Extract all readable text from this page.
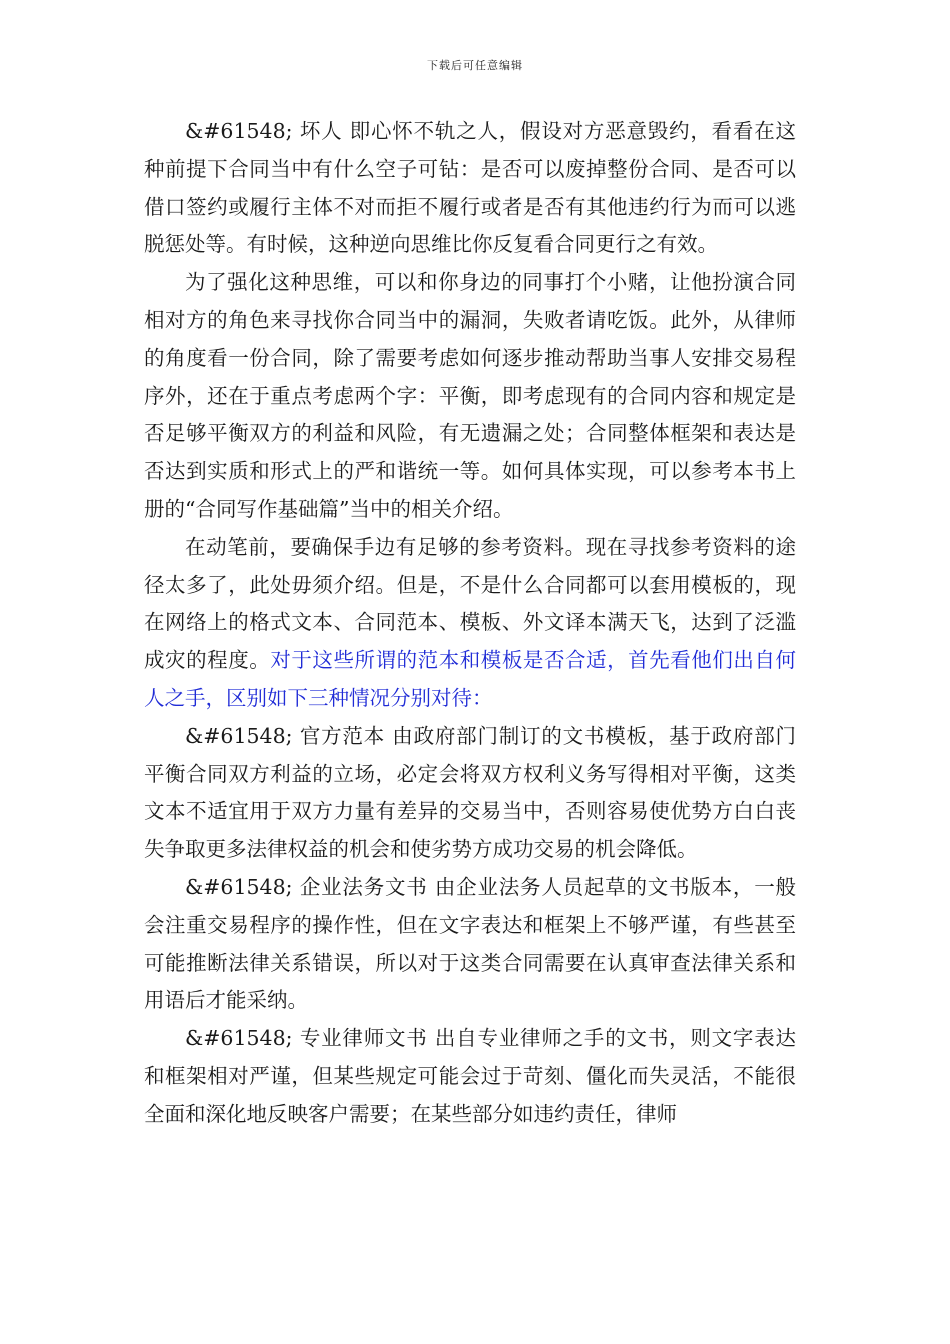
下载后可任意编辑

&#61548; 坏人 即心怀不轨之人，假设对方恶意毁约，看看在这种前提下合同当中有什么空子可钻：是否可以废掉整份合同、是否可以借口签约或履行主体不对而拒不履行或者是否有其他违约行为而可以逃脱惩处等。有时候，这种逆向思维比你反复看合同更行之有效。

为了强化这种思维，可以和你身边的同事打个小赌，让他扮演合同相对方的角色来寻找你合同当中的漏洞，失败者请吃饭。此外，从律师的角度看一份合同，除了需要考虑如何逐步推动帮助当事人安排交易程序外，还在于重点考虑两个字：平衡，即考虑现有的合同内容和规定是否足够平衡双方的利益和风险，有无遗漏之处；合同整体框架和表达是否达到实质和形式上的严和谐统一等。如何具体实现，可以参考本书上册的“合同写作基础篇”当中的相关介绍。

在动笔前，要确保手边有足够的参考资料。现在寻找参考资料的途径太多了，此处毋须介绍。但是，不是什么合同都可以套用模板的，现在网络上的格式文本、合同范本、模板、外文译本满天飞，达到了泛滥成灾的程度。对于这些所谓的范本和模板是否合适，首先看他们出自何人之手，区别如下三种情况分别对待：

&#61548; 官方范本 由政府部门制订的文书模板，基于政府部门平衡合同双方利益的立场，必定会将双方权利义务写得相对平衡，这类文本不适宜用于双方力量有差异的交易当中，否则容易使优势方白白丧失争取更多法律权益的机会和使劣势方成功交易的机会降低。

&#61548; 企业法务文书 由企业法务人员起草的文书版本，一般会注重交易程序的操作性，但在文字表达和框架上不够严谨，有些甚至可能推断法律关系错误，所以对于这类合同需要在认真审查法律关系和用语后才能采纳。

&#61548; 专业律师文书 出自专业律师之手的文书，则文字表达和框架相对严谨，但某些规定可能会过于苛刻、僵化而失灵活，不能很全面和深化地反映客户需要；在某些部分如违约责任，律师
